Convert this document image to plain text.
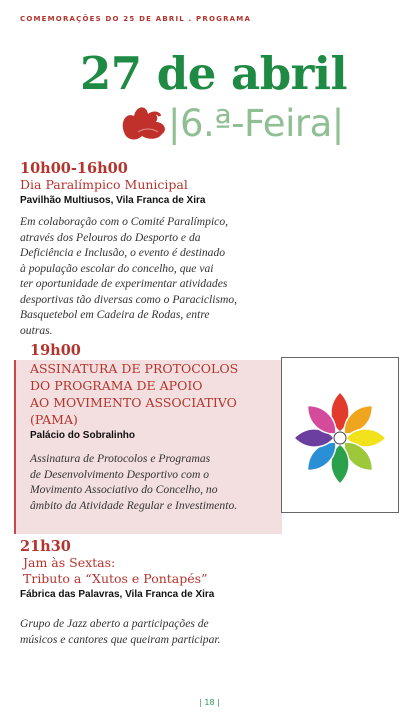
COMEMORAÇÕES DO 25 DE ABRIL . PROGRAMA
27 de abril
|6.ª-Feira|
10h00-16h00
Dia Paralímpico Municipal
Pavilhão Multiusos, Vila Franca de Xira

Em colaboração com o Comité Paralímpico,

através dos Pelouros do Desporto e da

Deficiência e Inclusão, o evento é destinado

à população escolar do concelho, que vai

ter oportunidade de experimentar atividades

desportivas tão diversas como o Paraciclismo,

Basquetebol em Cadeira de Rodas, entre

outras.

19h00
ASSINATURA DE PROTOCOLOS
DO PROGRAMA DE APOIO
AO MOVIMENTO ASSOCIATIVO
(PAMA)
Palácio do Sobralinho

Assinatura de Protocolos e Programas

de Desenvolvimento Desportivo com o

Movimento Associativo do Concelho, no

âmbito da Atividade Regular e Investimento.

21h30
Jam às Sextas:
Tributo a “Xutos e Pontapés”
Fábrica das Palavras, Vila Franca de Xira

Grupo de Jazz aberto a participações de

músicos e cantores que queiram participar.

| 18 |
